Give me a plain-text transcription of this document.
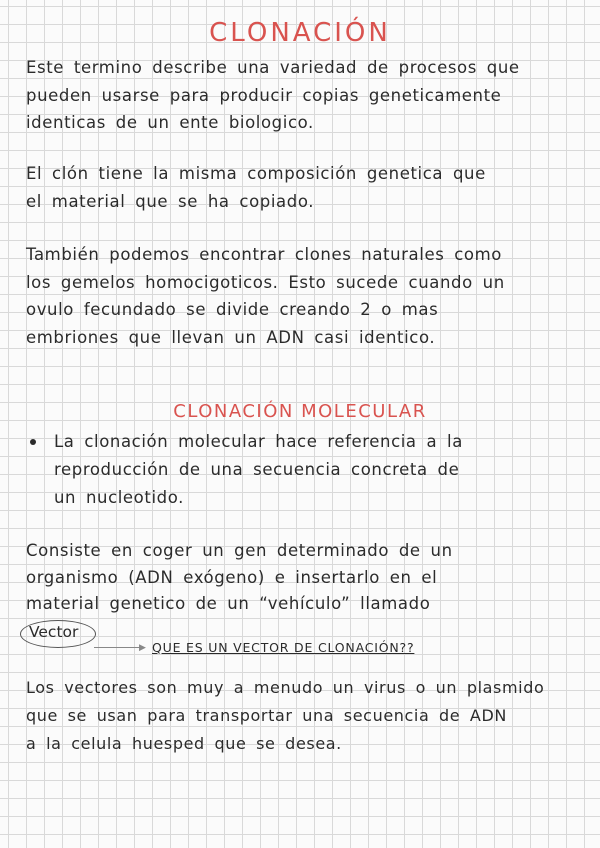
CLONACIÓN
Este termino describe una variedad de procesos que
pueden usarse para producir copias geneticamente
identicas de un ente biologico.
El clón tiene la misma composición genetica que
el material que se ha copiado.
También podemos encontrar clones naturales como
los gemelos homocigoticos. Esto sucede cuando un
ovulo fecundado se divide creando 2 o mas
embriones que llevan un ADN casi identico.
CLONACIÓN MOLECULAR
La clonación molecular hace referencia a la
reproducción de una secuencia concreta de
un nucleotido.
Consiste en coger un gen determinado de un
organismo (ADN exógeno) e insertarlo en el
material genetico de un “vehículo” llamado
Vector
▶ QUE ES UN VECTOR DE CLONACIÓN??
Los vectores son muy a menudo un virus o un plasmido
que se usan para transportar una secuencia de ADN
a la celula huesped que se desea.
